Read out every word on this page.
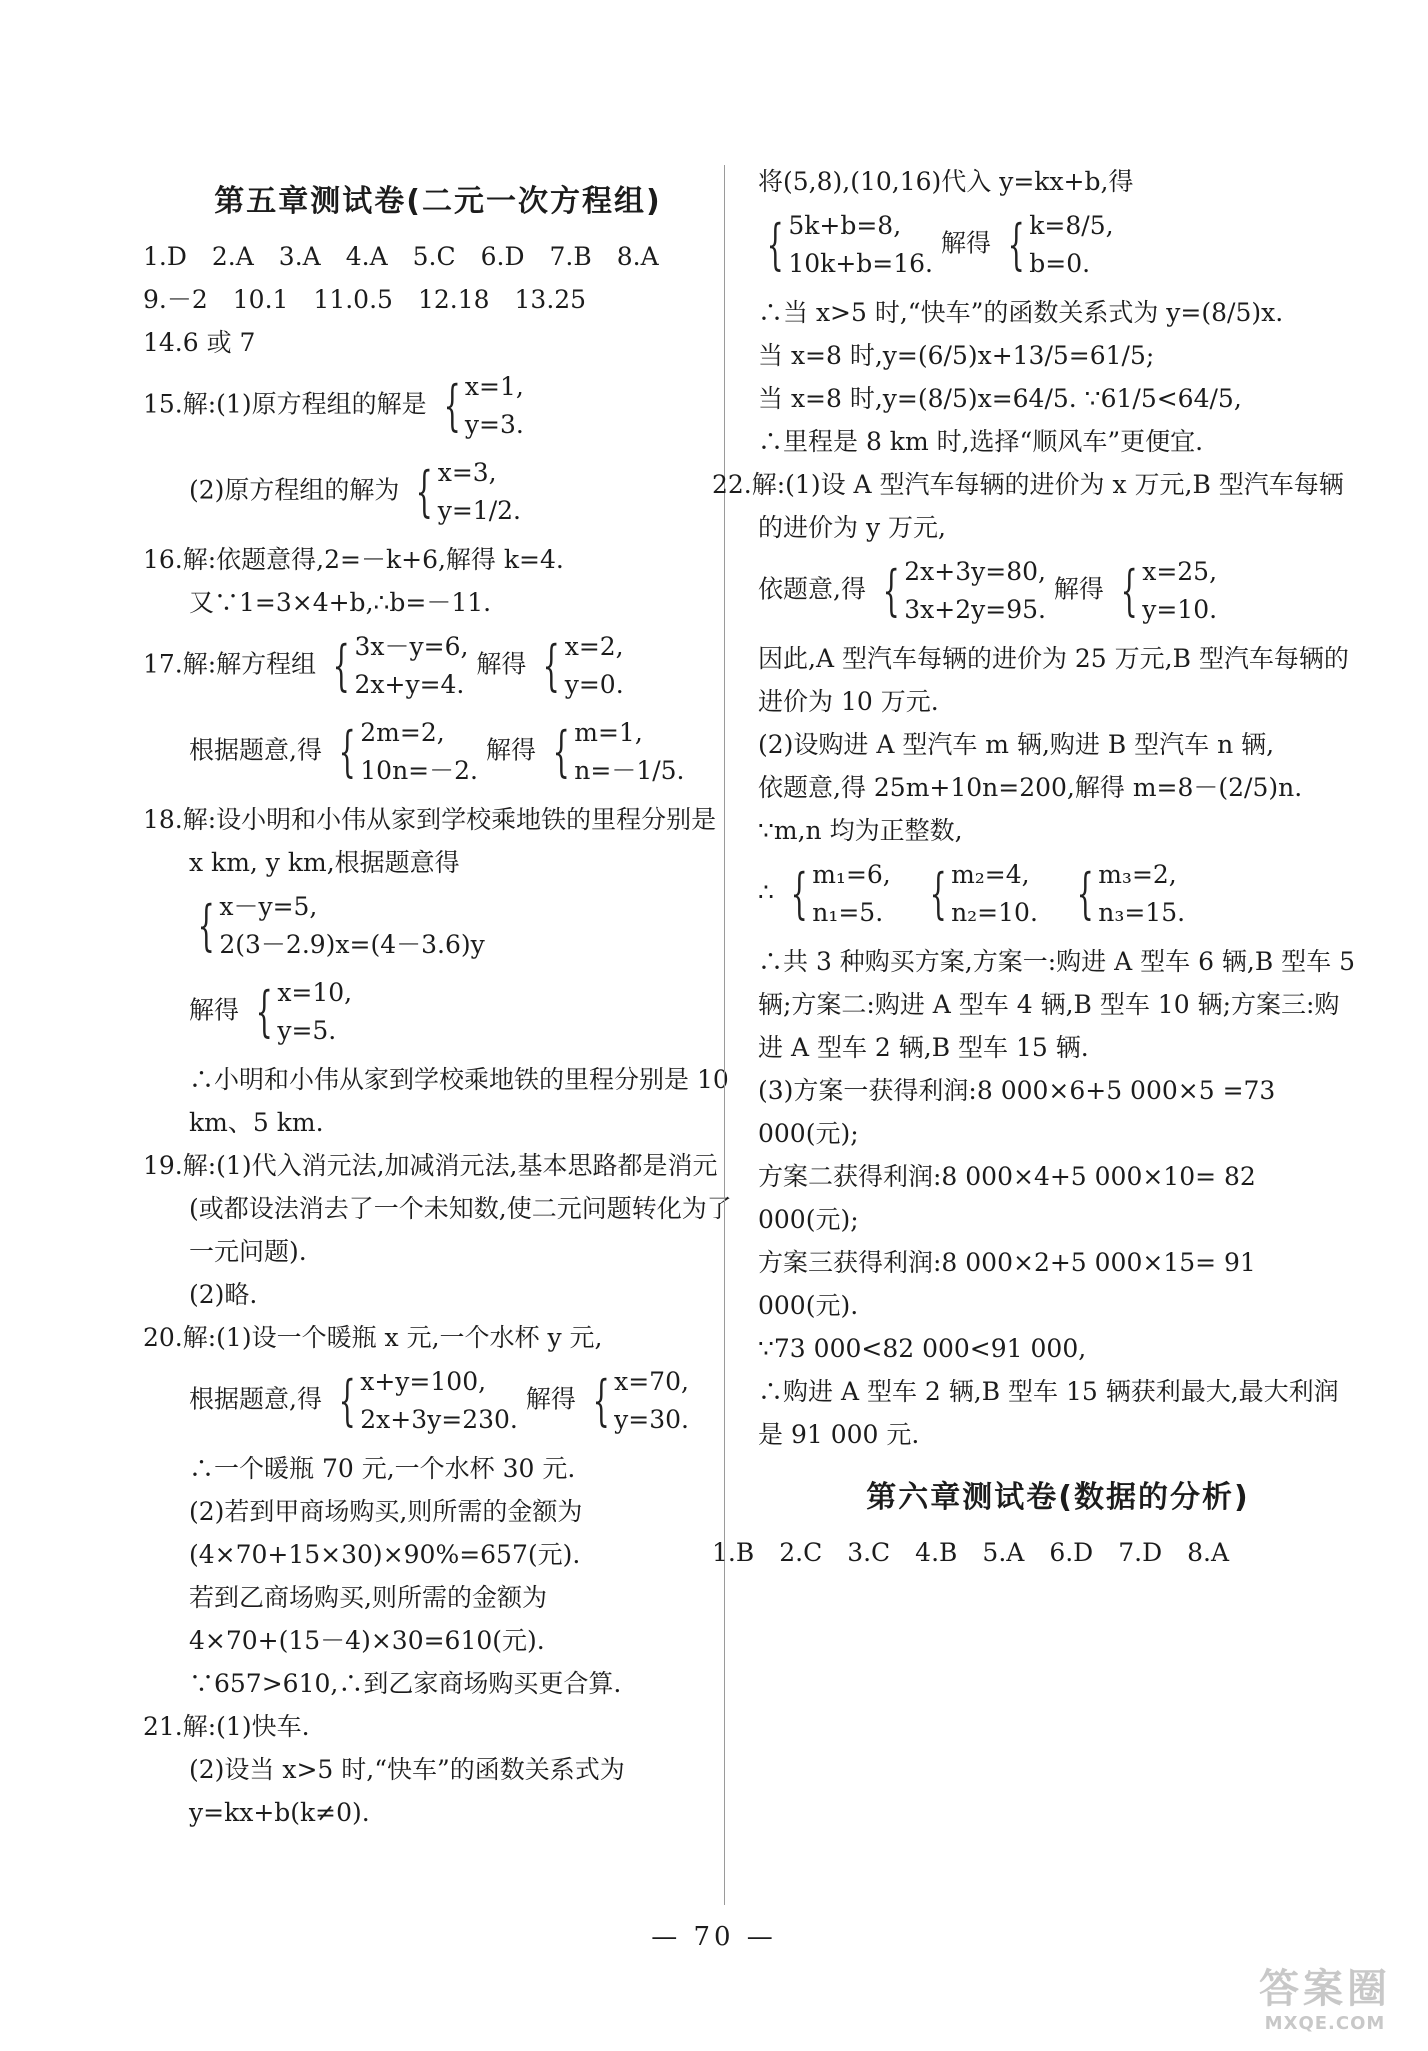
第五章测试卷(二元一次方程组)
1.D　2.A　3.A　4.A　5.C　6.D　7.B　8.A
9.－2　10.1　11.0.5　12.18　13.25
14.6 或 7
15.解:(1)原方程组的解是 { x=1,
y=3.
(2)原方程组的解为 { x=3,
y=1/2.
16.解:依题意得,2=－k+6,解得 k=4.
又∵1=3×4+b,∴b=－11.
17.解:解方程组 { 3x－y=6,
2x+y=4.
解得 { x=2,
y=0.
根据题意,得 { 2m=2,
10n=－2.
解得 { m=1,
n=－1/5.
18.解:设小明和小伟从家到学校乘地铁的里程分别是 x km, y km,根据题意得
{ x－y=5,
2(3－2.9)x=(4－3.6)y
解得 { x=10,
y=5.
∴小明和小伟从家到学校乘地铁的里程分别是 10 km、5 km.
19.解:(1)代入消元法,加减消元法,基本思路都是消元(或都设法消去了一个未知数,使二元问题转化为了一元问题).
(2)略.
20.解:(1)设一个暖瓶 x 元,一个水杯 y 元,
根据题意,得 { x+y=100,
2x+3y=230.
解得 { x=70,
y=30.
∴一个暖瓶 70 元,一个水杯 30 元.
(2)若到甲商场购买,则所需的金额为
(4×70+15×30)×90%=657(元).
若到乙商场购买,则所需的金额为
4×70+(15－4)×30=610(元).
∵657>610,∴到乙家商场购买更合算.
21.解:(1)快车.
(2)设当 x>5 时,“快车”的函数关系式为
y=kx+b(k≠0).
将(5,8),(10,16)代入 y=kx+b,得
{ 5k+b=8,
10k+b=16.
解得 { k=8/5,
b=0.
∴当 x>5 时,“快车”的函数关系式为 y=(8/5)x.
当 x=8 时,y=(6/5)x+13/5=61/5;
当 x=8 时,y=(8/5)x=64/5. ∵61/5<64/5,
∴里程是 8 km 时,选择“顺风车”更便宜.
22.解:(1)设 A 型汽车每辆的进价为 x 万元,B 型汽车每辆的进价为 y 万元,
依题意,得 { 2x+3y=80,
3x+2y=95.
解得 { x=25,
y=10.
因此,A 型汽车每辆的进价为 25 万元,B 型汽车每辆的进价为 10 万元.
(2)设购进 A 型汽车 m 辆,购进 B 型汽车 n 辆,
依题意,得 25m+10n=200,解得 m=8－(2/5)n.
∵m,n 均为正整数,
∴ { m₁=6,
n₁=5.
{ m₂=4,
n₂=10.
{ m₃=2,
n₃=15.
∴共 3 种购买方案,方案一:购进 A 型车 6 辆,B 型车 5 辆;方案二:购进 A 型车 4 辆,B 型车 10 辆;方案三:购进 A 型车 2 辆,B 型车 15 辆.
(3)方案一获得利润:8 000×6+5 000×5 =73 000(元);
方案二获得利润:8 000×4+5 000×10= 82 000(元);
方案三获得利润:8 000×2+5 000×15= 91 000(元).
∵73 000<82 000<91 000,
∴购进 A 型车 2 辆,B 型车 15 辆获利最大,最大利润是 91 000 元.
第六章测试卷(数据的分析)
1.B　2.C　3.C　4.B　5.A　6.D　7.D　8.A
— 70 —
答案圈
MXQE.COM
